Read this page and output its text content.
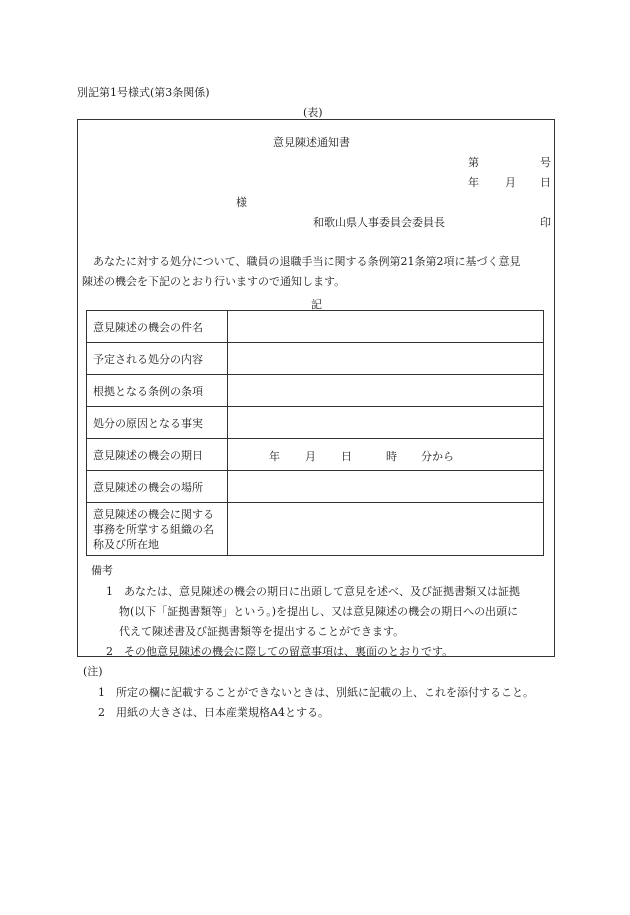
別記第1号様式(第3条関係)
(表)
意見陳述通知書
第	号
年 月 日
様
和歌山県人事委員会委員長	印
あなたに対する処分について、職員の退職手当に関する条例第21条第2項に基づく意見
陳述の機会を下記のとおり行いますので通知します。
記
意見陳述の機会の件名	
予定される処分の内容	
根拠となる条例の条項	
処分の原因となる事実	
意見陳述の機会の期日	年 月 日 時 分から

意見陳述の機会の場所	
意見陳述の機会に関する事務を所掌する組織の名称及び所在地	
備考
1　あなたは、意見陳述の機会の期日に出頭して意見を述べ、及び証拠書類又は証拠
物(以下「証拠書類等」という。)を提出し、又は意見陳述の機会の期日への出頭に
代えて陳述書及び証拠書類等を提出することができます。
2　その他意見陳述の機会に際しての留意事項は、裏面のとおりです。
(注)
1　所定の欄に記載することができないときは、別紙に記載の上、これを添付すること。
2　用紙の大きさは、日本産業規格A4とする。
